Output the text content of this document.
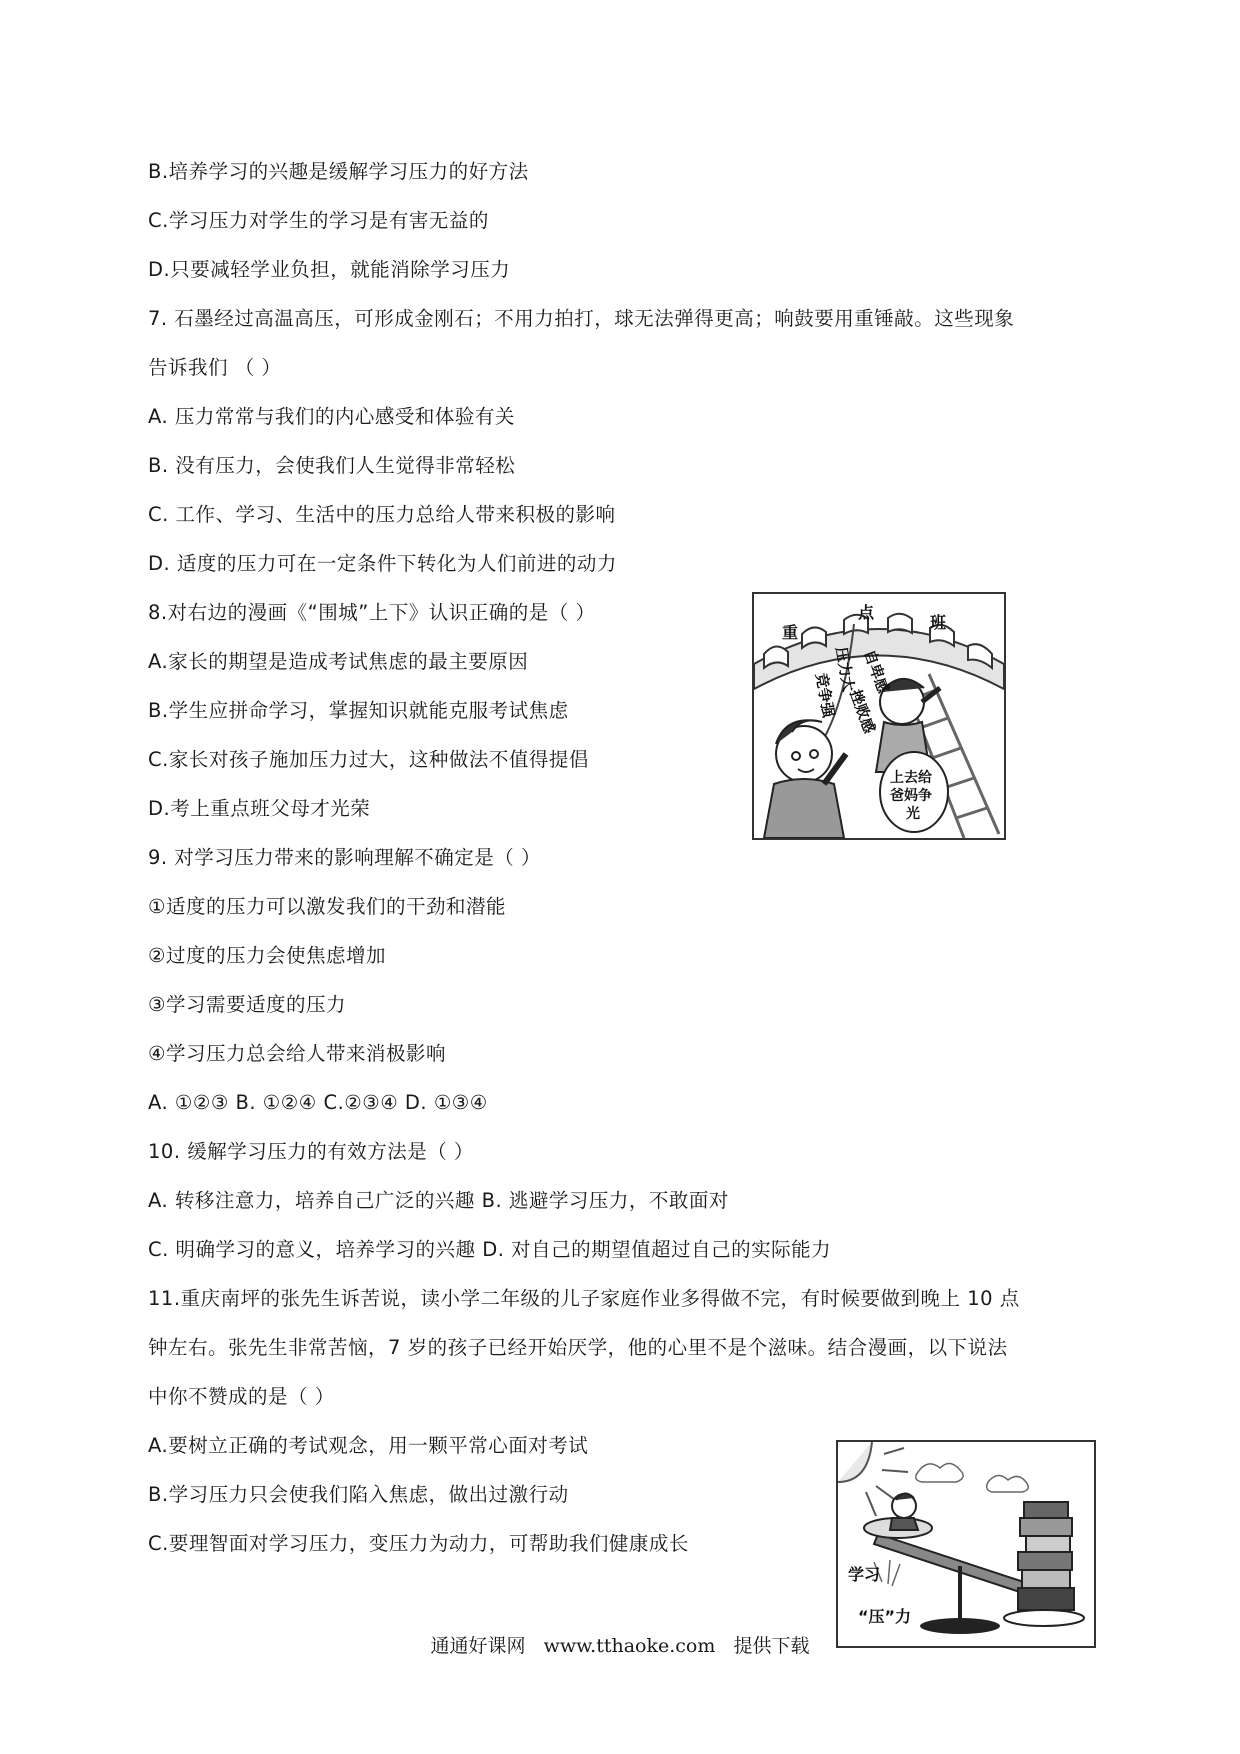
B.培养学习的兴趣是缓解学习压力的好方法
C.学习压力对学生的学习是有害无益的
D.只要减轻学业负担，就能消除学习压力
7. 石墨经过高温高压，可形成金刚石；不用力拍打，球无法弹得更高；响鼓要用重锤敲。这些现象
告诉我们 （ ）
A. 压力常常与我们的内心感受和体验有关
B. 没有压力，会使我们人生觉得非常轻松
C. 工作、学习、生活中的压力总给人带来积极的影响
D. 适度的压力可在一定条件下转化为人们前进的动力
8.对右边的漫画《“围城”上下》认识正确的是（ ）
A.家长的期望是造成考试焦虑的最主要原因
B.学生应拼命学习，掌握知识就能克服考试焦虑
C.家长对孩子施加压力过大，这种做法不值得提倡
D.考上重点班父母才光荣
9. 对学习压力带来的影响理解不确定是（ ）
①适度的压力可以激发我们的干劲和潜能
②过度的压力会使焦虑增加
③学习需要适度的压力
④学习压力总会给人带来消极影响
A. ①②③ B. ①②④ C.②③④ D. ①③④
10. 缓解学习压力的有效方法是（ ）
A. 转移注意力，培养自己广泛的兴趣 B. 逃避学习压力，不敢面对
C. 明确学习的意义，培养学习的兴趣 D. 对自己的期望值超过自己的实际能力
11.重庆南坪的张先生诉苦说，读小学二年级的儿子家庭作业多得做不完，有时候要做到晚上 10 点
钟左右。张先生非常苦恼，7 岁的孩子已经开始厌学，他的心里不是个滋味。结合漫画，以下说法
中你不赞成的是（ ）
A.要树立正确的考试观念，用一颗平常心面对考试
B.学习压力只会使我们陷入焦虑，做出过激行动
C.要理智面对学习压力，变压力为动力，可帮助我们健康成长
重
点
班
压力大
竞争强 自卑感
挫败感
上去给
爸妈争
光
学习
“压”力
通通好课网 www.tthaoke.com 提供下载
